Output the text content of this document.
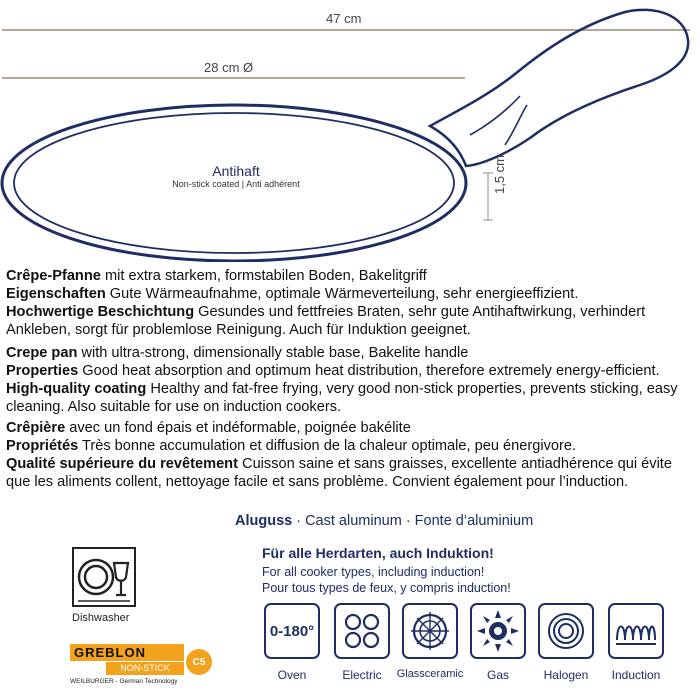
47 cm
28 cm Ø
1,5 cm
Antihaft
Non-stick coated | Anti adhérent

Crêpe-Pfanne mit extra starkem, formstabilen Boden, Bakelitgriff

Eigenschaften Gute Wärmeaufnahme, optimale Wärmeverteilung, sehr energieeffizient.

Hochwertige Beschichtung Gesundes und fettfreies Braten, sehr gute Antihaftwirkung, verhindert Ankleben, sorgt für problemlose Reinigung. Auch für Induktion geeignet.

Crepe pan with ultra-strong, dimensionally stable base, Bakelite handle

Properties Good heat absorption and optimum heat distribution, therefore extremely energy-efficient.

High-quality coating Healthy and fat-free frying, very good non-stick properties, prevents sticking, easy cleaning. Also suitable for use on induction cookers.

Crêpière avec un fond épais et indéformable, poignée bakélite

Propriétés Très bonne accumulation et diffusion de la chaleur optimale, peu énergivore.

Qualité supérieure du revêtement Cuisson saine et sans graisses, excellente antiadhérence qui évite que les aliments collent, nettoyage facile et sans problème. Convient également pour l’induction.

Aluguss · Cast aluminum · Fonte d‘aluminium
Für alle Herdarten, auch Induktion!
For all cooker types, including induction!
Pour tous types de feux, y compris induction!
Dishwasher
GREBLON
NON-STICK
C5
WEILBURGER - German Technology
0-180°
Oven	Electric	Glassceramic	Gas	Halogen	Induction
